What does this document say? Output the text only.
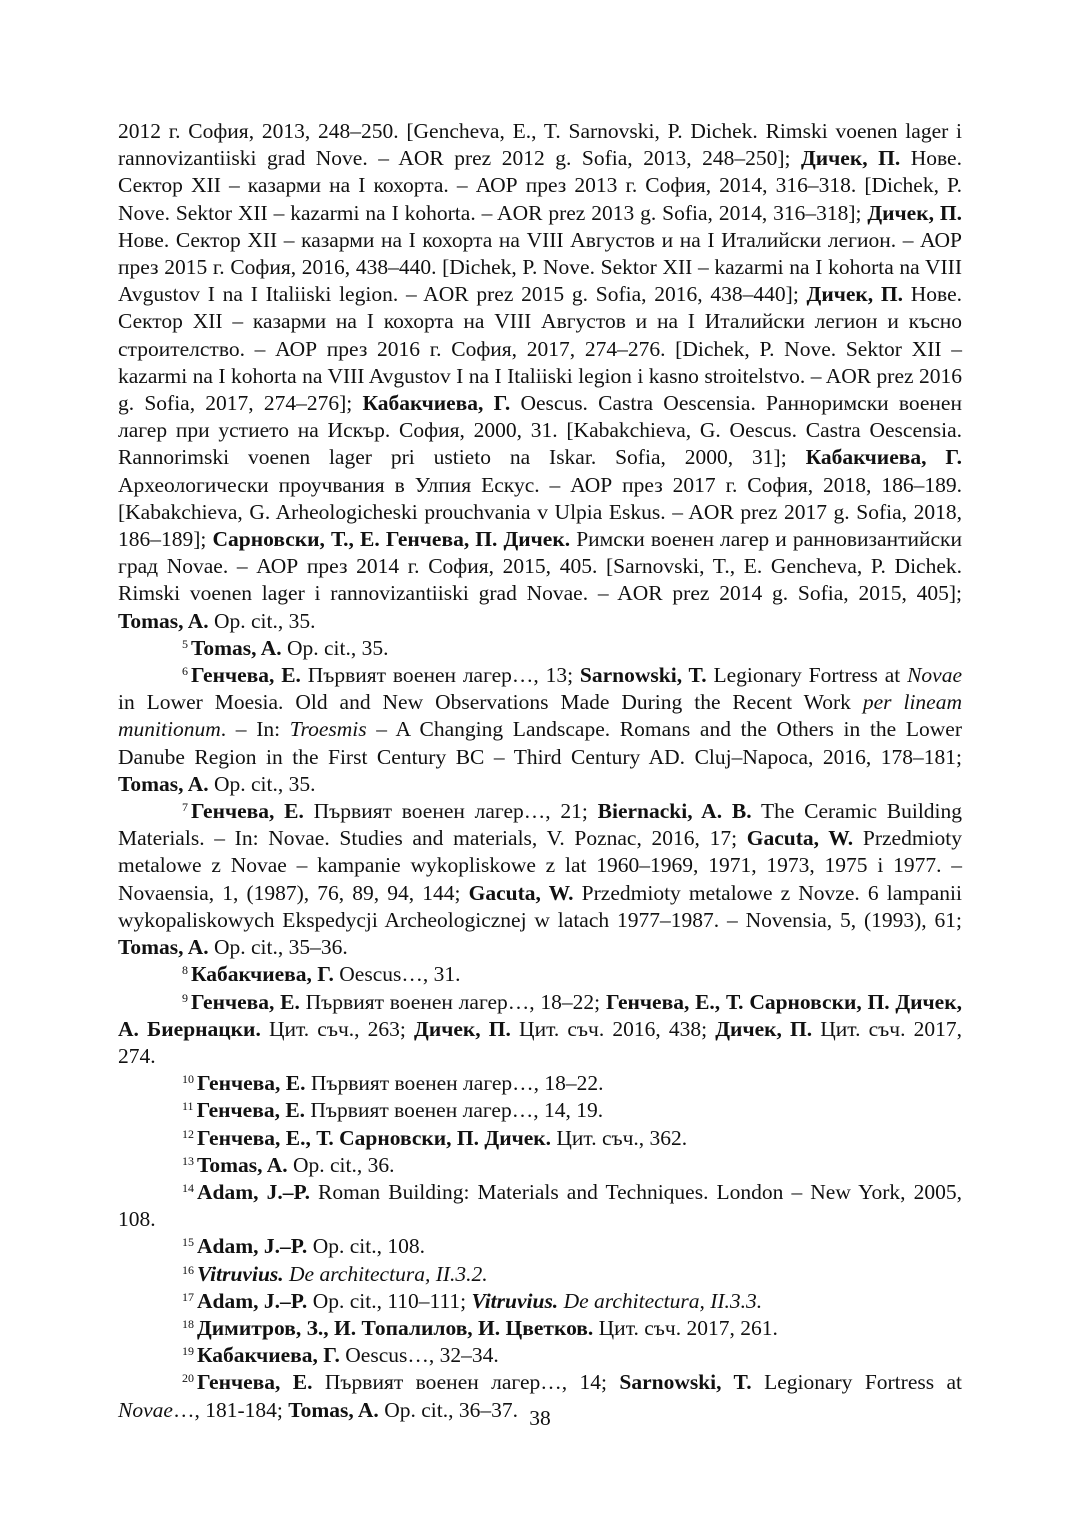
2012 г. София, 2013, 248–250. [Gencheva, E., T. Sarnovski, P. Dichek. Rimski voenen lager i rannovizantiiski grad Nove. – AOR prez 2012 g. Sofia, 2013, 248–250]; Дичек, П. Нове. Сектор XII – казарми на I кохорта. – АОР през 2013 г. София, 2014, 316–318. [Dichek, P. Nove. Sektor XII – kazarmi na I kohorta. – AOR prez 2013 g. Sofia, 2014, 316–318]; Дичек, П. Нове. Сектор XII – казарми на I кохорта на VIII Августов и на I Италийски легион. – АОР през 2015 г. София, 2016, 438–440. [Dichek, P. Nove. Sektor XII – kazarmi na I kohorta na VIII Avgustov I na I Italiiski legion. – AOR prez 2015 g. Sofia, 2016, 438–440]; Дичек, П. Нове. Сектор XII – казарми на I кохорта на VIII Августов и на I Италийски легион и късно строителство. – АОР през 2016 г. София, 2017, 274–276. [Dichek, P. Nove. Sektor XII – kazarmi na I kohorta na VIII Avgustov I na I Italiiski legion i kasno stroitelstvo. – AOR prez 2016 g. Sofia, 2017, 274–276]; Кабакчиева, Г. Oescus. Castra Oescensia. Ранноримски военен лагер при устието на Искър. София, 2000, 31. [Kabakchieva, G. Oescus. Castra Oescensia. Rannorimski voenen lager pri ustieto na Iskar. Sofia, 2000, 31]; Кабакчиева, Г. Археологически проучвания в Улпия Ескус. – АОР през 2017 г. София, 2018, 186–189. [Kabakchieva, G. Arheologicheski prouchvania v Ulpia Eskus. – AOR prez 2017 g. Sofia, 2018, 186–189]; Сарновски, Т., Е. Генчева, П. Дичек. Римски военен лагер и ранновизантийски град Novae. – АОР през 2014 г. София, 2015, 405. [Sarnovski, T., E. Gencheva, P. Dichek. Rimski voenen lager i rannovizantiiski grad Novae. – AOR prez 2014 g. Sofia, 2015, 405]; Tomas, A. Op. cit., 35.

$^5$ Tomas, A. Op. cit., 35.

$^6$ Генчева, Е. Първият военен лагер…, 13; Sarnowski, T. Legionary Fortress at Novae in Lower Moesia. Old and New Observations Made During the Recent Work per lineam munitionum. – In: Troesmis – A Changing Landscape. Romans and the Others in the Lower Danube Region in the First Century BC – Third Century AD. Cluj–Napoca, 2016, 178–181; Tomas, A. Op. cit., 35.

$^7$ Генчева, Е. Първият военен лагер…, 21; Biernacki, A. B. The Ceramic Building Materials. – In: Novae. Studies and materials, V. Poznac, 2016, 17; Gacuta, W. Przedmioty metalowe z Novae – kampanie wykopliskowe z lat 1960–1969, 1971, 1973, 1975 i 1977. – Novaensia, 1, (1987), 76, 89, 94, 144; Gacuta, W. Przedmioty metalowe z Novze. 6 lampanii wykopaliskowych Ekspedycji Archeologicznej w latach 1977–1987. – Novensia, 5, (1993), 61; Tomas, A. Op. cit., 35–36.

$^8$ Кабакчиева, Г. Oescus…, 31.

$^9$ Генчева, Е. Първият военен лагер…, 18–22; Генчева, Е., Т. Сарновски, П. Дичек, А. Биернацки. Цит. съч., 263; Дичек, П. Цит. съч. 2016, 438; Дичек, П. Цит. съч. 2017, 274.

$^{10}$ Генчева, Е. Първият военен лагер…, 18–22.

$^{11}$ Генчева, Е. Първият военен лагер…, 14, 19.

$^{12}$ Генчева, Е., Т. Сарновски, П. Дичек. Цит. съч., 362.

$^{13}$ Tomas, A. Op. cit., 36.

$^{14}$ Adam, J.–P. Roman Building: Materials and Techniques. London – New York, 2005, 108.

$^{15}$ Adam, J.–P. Op. cit., 108.

$^{16}$ Vitruvius. De architectura, II.3.2.

$^{17}$ Adam, J.–P. Op. cit., 110–111; Vitruvius. De architectura, II.3.3.

$^{18}$ Димитров, З., И. Топалилов, И. Цветков. Цит. съч. 2017, 261.

$^{19}$ Кабакчиева, Г. Oescus…, 32–34.

$^{20}$ Генчева, Е. Първият военен лагер…, 14; Sarnowski, T. Legionary Fortress at Novae…, 181-184; Tomas, A. Op. cit., 36–37. 38
